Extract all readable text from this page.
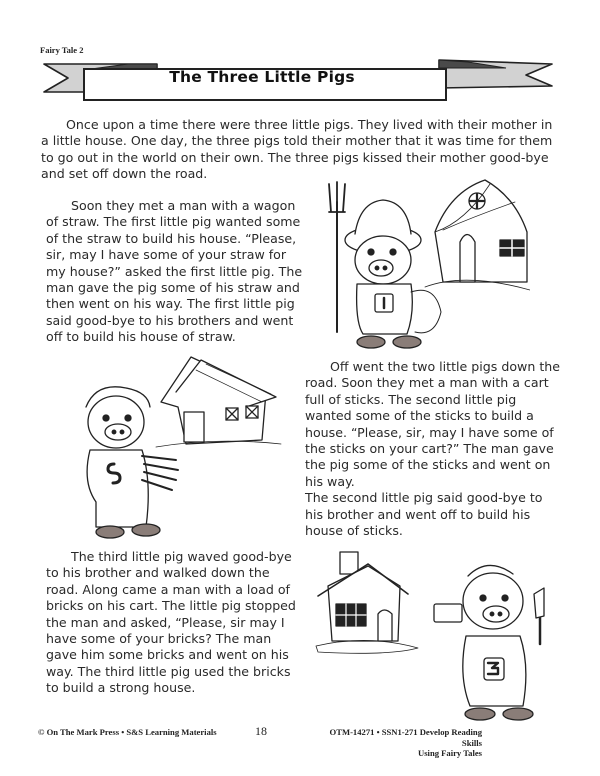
Fairy Tale 2
The Three Little Pigs

Once upon a time there were three little pigs. They lived with their mother in a little house. One day, the three pigs told their mother that it was time for them to go out in the world on their own. The three pigs kissed their mother good-bye and set off down the road.

Soon they met a man with a wagon of straw. The first little pig wanted some of the straw to build his house. “Please, sir, may I have some of your straw for my house?” asked the first little pig. The man gave the pig some of his straw and then went on his way. The first little pig said good-bye to his brothers and went off to build his house of straw.

Off went the two little pigs down the road. Soon they met a man with a cart full of sticks. The second little pig wanted some of the sticks to build a house. “Please, sir, may I have some of the sticks on your cart?” The man gave the pig some of the sticks and went on his way.

The second little pig said good-bye to his brother and went off to build his house of sticks.

The third little pig waved good-bye to his brother and walked down the road. Along came a man with a load of bricks on his cart. The little pig stopped the man and asked, “Please, sir may I have some of your bricks? The man gave him some bricks and went on his way. The third little pig used the bricks to build a strong house.

© On The Mark Press • S&S Learning Materials	18	OTM-14271 • SSN1-271 Develop Reading Skills
Using Fairy Tales
